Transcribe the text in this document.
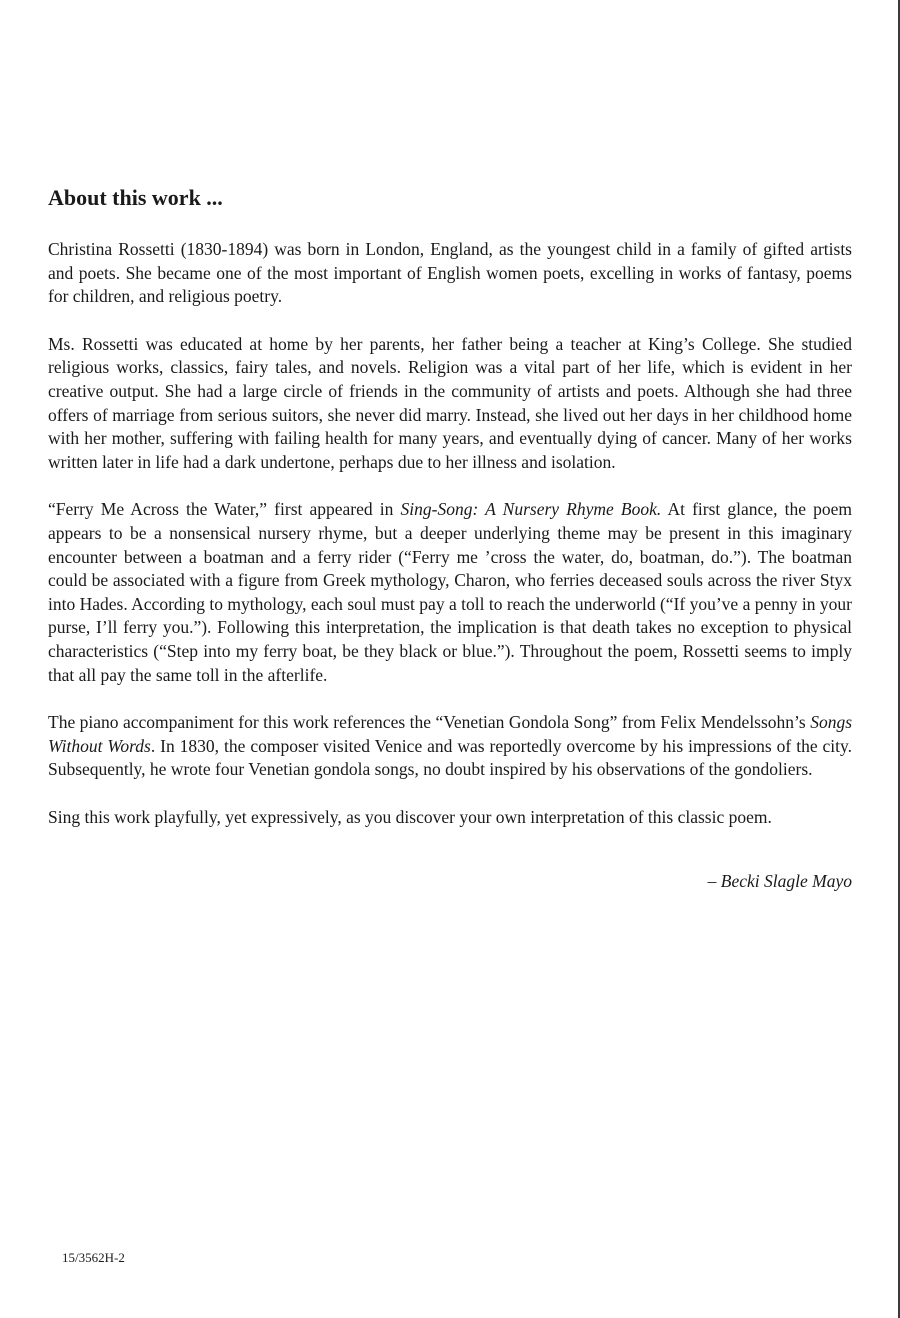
About this work ...

Christina Rossetti (1830-1894) was born in London, England, as the youngest child in a family of gifted artists and poets. She became one of the most important of English women poets, excelling in works of fantasy, poems for children, and religious poetry.

Ms. Rossetti was educated at home by her parents, her father being a teacher at King’s College. She studied religious works, classics, fairy tales, and novels. Religion was a vital part of her life, which is evident in her creative output. She had a large circle of friends in the community of artists and poets. Although she had three offers of marriage from serious suitors, she never did marry. Instead, she lived out her days in her childhood home with her mother, suffering with failing health for many years, and eventually dying of cancer. Many of her works written later in life had a dark undertone, perhaps due to her illness and isolation.

“Ferry Me Across the Water,” first appeared in Sing-Song: A Nursery Rhyme Book. At first glance, the poem appears to be a nonsensical nursery rhyme, but a deeper underlying theme may be present in this imaginary encounter between a boatman and a ferry rider (“Ferry me ’cross the water, do, boatman, do.”). The boatman could be associated with a figure from Greek mythology, Charon, who ferries deceased souls across the river Styx into Hades. According to mythology, each soul must pay a toll to reach the underworld (“If you’ve a penny in your purse, I’ll ferry you.”). Following this interpretation, the implication is that death takes no exception to physical characteristics (“Step into my ferry boat, be they black or blue.”). Throughout the poem, Rossetti seems to imply that all pay the same toll in the afterlife.

The piano accompaniment for this work references the “Venetian Gondola Song” from Felix Mendelssohn’s Songs Without Words. In 1830, the composer visited Venice and was reportedly overcome by his impressions of the city. Subsequently, he wrote four Venetian gondola songs, no doubt inspired by his observations of the gondoliers.

Sing this work playfully, yet expressively, as you discover your own interpretation of this classic poem.

– Becki Slagle Mayo

15/3562H-2
